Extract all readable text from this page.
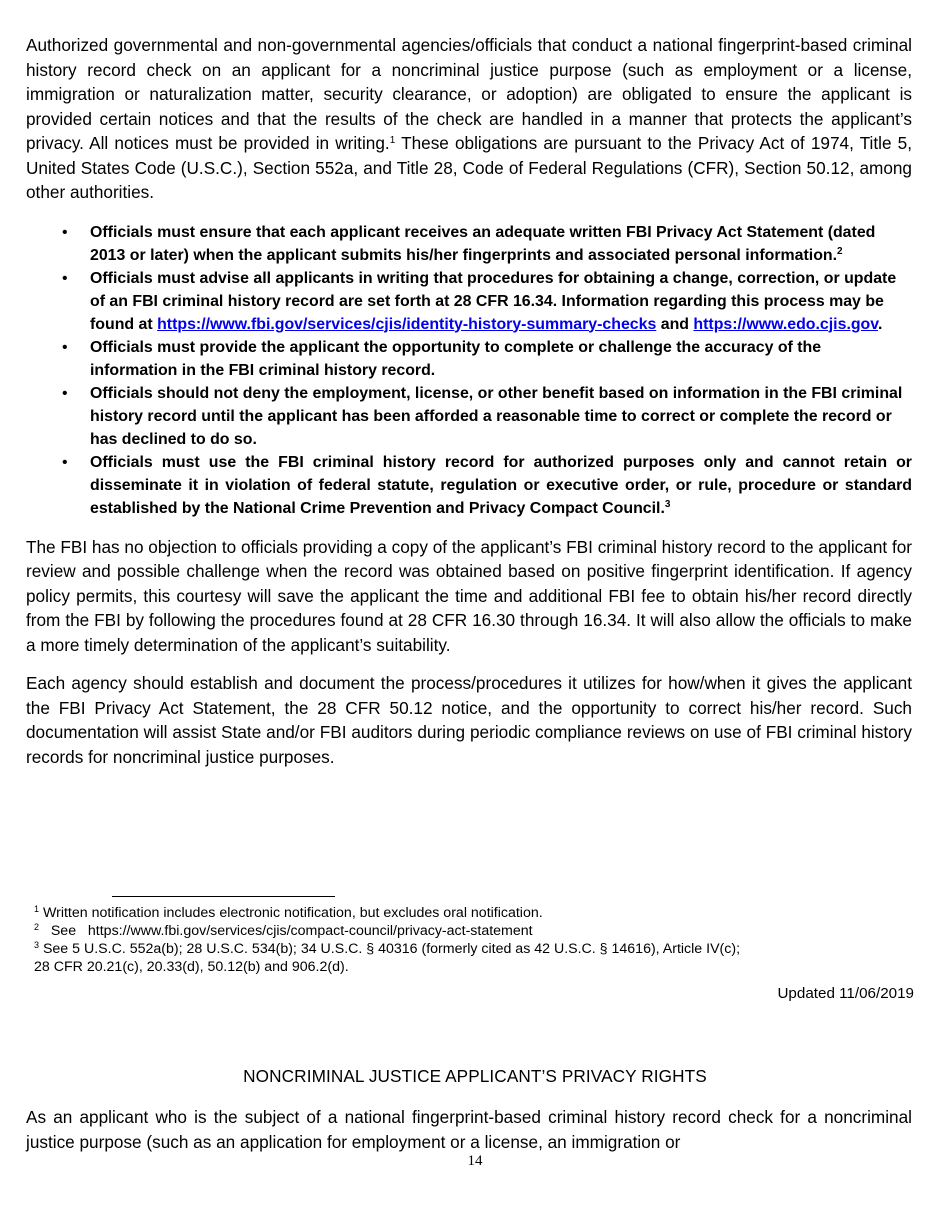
Authorized governmental and non-governmental agencies/officials that conduct a national fingerprint-based criminal history record check on an applicant for a noncriminal justice purpose (such as employment or a license, immigration or naturalization matter, security clearance, or adoption) are obligated to ensure the applicant is provided certain notices and that the results of the check are handled in a manner that protects the applicant’s privacy. All notices must be provided in writing.$^1$ These obligations are pursuant to the Privacy Act of 1974, Title 5, United States Code (U.S.C.), Section 552a, and Title 28, Code of Federal Regulations (CFR), Section 50.12, among other authorities.

• Officials must ensure that each applicant receives an adequate written FBI Privacy Act Statement (dated 2013 or later) when the applicant submits his/her fingerprints and associated personal information.$^2$
• Officials must advise all applicants in writing that procedures for obtaining a change, correction, or update of an FBI criminal history record are set forth at 28 CFR 16.34. Information regarding this process may be found at https://www.fbi.gov/services/cjis/identity-history-summary-checks and https://www.edo.cjis.gov.
• Officials must provide the applicant the opportunity to complete or challenge the accuracy of the information in the FBI criminal history record.
• Officials should not deny the employment, license, or other benefit based on information in the FBI criminal history record until the applicant has been afforded a reasonable time to correct or complete the record or has declined to do so.
• Officials must use the FBI criminal history record for authorized purposes only and cannot retain or disseminate it in violation of federal statute, regulation or executive order, or rule, procedure or standard established by the National Crime Prevention and Privacy Compact Council.$^3$

The FBI has no objection to officials providing a copy of the applicant’s FBI criminal history record to the applicant for review and possible challenge when the record was obtained based on positive fingerprint identification. If agency policy permits, this courtesy will save the applicant the time and additional FBI fee to obtain his/her record directly from the FBI by following the procedures found at 28 CFR 16.30 through 16.34. It will also allow the officials to make a more timely determination of the applicant’s suitability.

Each agency should establish and document the process/procedures it utilizes for how/when it gives the applicant the FBI Privacy Act Statement, the 28 CFR 50.12 notice, and the opportunity to correct his/her record. Such documentation will assist State and/or FBI auditors during periodic compliance reviews on use of FBI criminal history records for noncriminal justice purposes.

$^1$ Written notification includes electronic notification, but excludes oral notification.
$^2$   See   https://www.fbi.gov/services/cjis/compact-council/privacy-act-statement
$^3$ See 5 U.S.C. 552a(b); 28 U.S.C. 534(b); 34 U.S.C. § 40316 (formerly cited as 42 U.S.C. § 14616), Article IV(c);
28 CFR 20.21(c), 20.33(d), 50.12(b) and 906.2(d).
Updated 11/06/2019
NONCRIMINAL JUSTICE APPLICANT’S PRIVACY RIGHTS

As an applicant who is the subject of a national fingerprint-based criminal history record check for a noncriminal justice purpose (such as an application for employment or a license, an immigration or

14
